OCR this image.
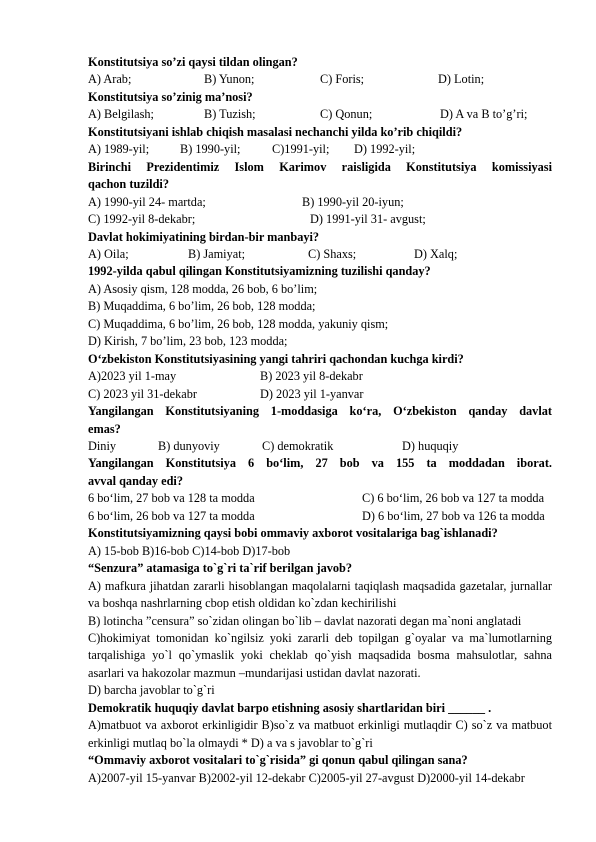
Konstitutsiya so’zi qaysi tildan olingan?
A) Arab;	B) Yunon;	C) Foris;	D) Lotin;
Konstitutsiya so’zinig ma’nosi?
A) Belgilash;	B) Tuzish;	C) Qonun;	D) A va B to’g’ri;
Konstitutsiyani ishlab chiqish masalasi nechanchi yilda ko’rib chiqildi?
A) 1989-yil;	B) 1990-yil;	C)1991-yil;	D) 1992-yil;
Birinchi Prezidentimiz Islom Karimov raisligida Konstitutsiya komissiyasi
qachon tuzildi?
A) 1990-yil 24- martda;	B) 1990-yil 20-iyun;
C) 1992-yil 8-dekabr;	D) 1991-yil 31- avgust;
Davlat hokimiyatining birdan-bir manbayi?
A) Oila;	B) Jamiyat;	C) Shaxs;	D) Xalq;
1992-yilda qabul qilingan Konstitutsiyamizning tuzilishi qanday?
A) Asosiy qism, 128 modda, 26 bob, 6 bo’lim;
B) Muqaddima, 6 bo’lim, 26 bob, 128 modda;
C) Muqaddima, 6 bo’lim, 26 bob, 128 modda, yakuniy qism;
D) Kirish, 7 bo’lim, 23 bob, 123 modda;
O‘zbekiston Konstitutsiyasining yangi tahriri qachondan kuchga kirdi?
A)2023 yil 1-may	B) 2023 yil 8-dekabr
C) 2023 yil 31-dekabr	D) 2023 yil 1-yanvar
Yangilangan Konstitutsiyaning 1-moddasiga ko‘ra, O‘zbekiston qanday davlat
emas?
Diniy	B) dunyoviy	C) demokratik	D) huquqiy
Yangilangan Konstitutsiya 6 bo‘lim, 27 bob va 155 ta moddadan iborat.
avval qanday edi?
6 bo‘lim, 27 bob va 128 ta modda	C) 6 bo‘lim, 26 bob va 127 ta modda
6 bo‘lim, 26 bob va 127 ta modda	D) 6 bo‘lim, 27 bob va 126 ta modda
Konstitutsiyamizning qaysi bobi ommaviy axborot vositalariga bag`ishlanadi?
A) 15-bob B)16-bob C)14-bob D)17-bob
“Senzura” atamasiga to`g`ri ta`rif berilgan javob?
A) mafkura jihatdan zararli hisoblangan maqolalarni taqiqlash maqsadida gazetalar, jurnallar va boshqa nashrlarning cbop etish oldidan ko`zdan kechirilishi
B) lotincha ”censura” so`zidan olingan bo`lib – davlat nazorati degan ma`noni anglatadi
C)hokimiyat tomonidan ko`ngilsiz yoki zararli deb topilgan g`oyalar va ma`lumotlarning tarqalishiga yo`l qo`ymaslik yoki cheklab qo`yish maqsadida bosma mahsulotlar, sahna asarlari va hakozolar mazmun –mundarijasi ustidan davlat nazorati.
D) barcha javoblar to`g`ri
Demokratik huquqiy davlat barpo etishning asosiy shartlaridan biri ______ .
A)matbuot va axborot erkinligidir B)so`z va matbuot erkinligi mutlaqdir C) so`z va matbuot erkinligi mutlaq bo`la olmaydi * D) a va s javoblar to`g`ri
“Ommaviy axborot vositalari to`g`risida” gi qonun qabul qilingan sana?
A)2007-yil 15-yanvar B)2002-yil 12-dekabr C)2005-yil 27-avgust D)2000-yil 14-dekabr
